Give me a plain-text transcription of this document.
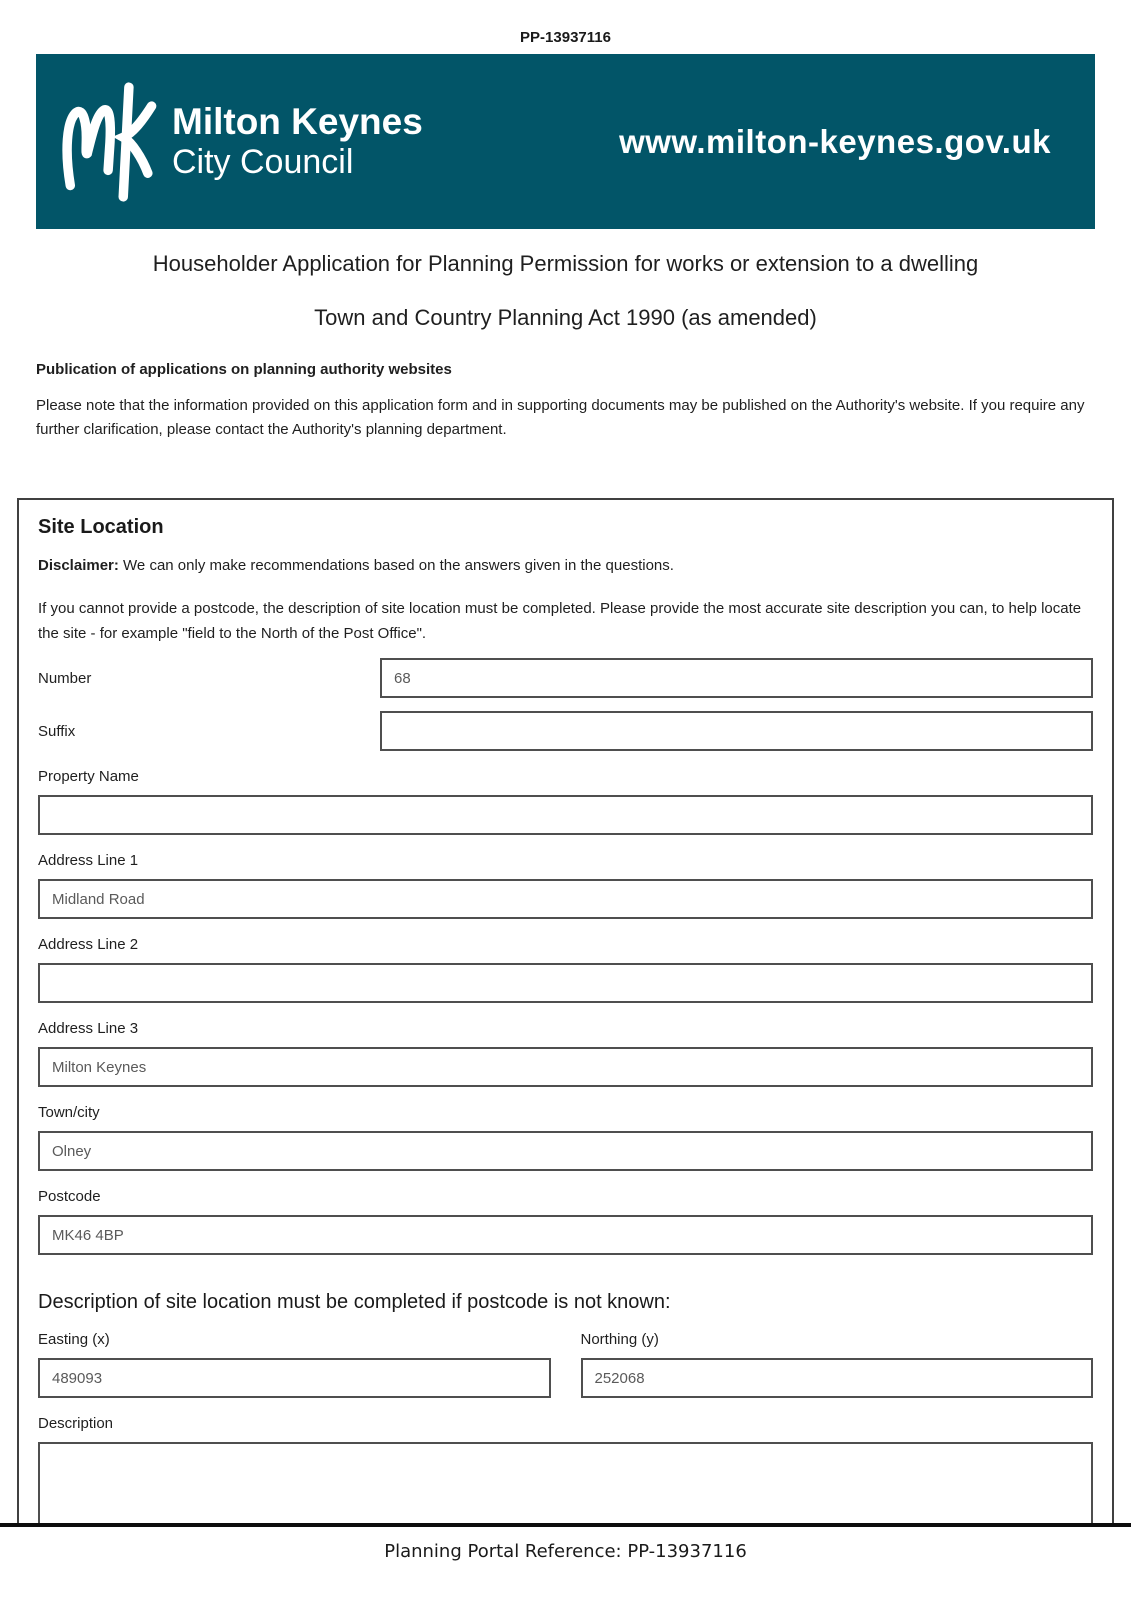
PP-13937116
Milton Keynes
City Council
www.milton-keynes.gov.uk
Householder Application for Planning Permission for works or extension to a dwelling
Town and Country Planning Act 1990 (as amended)

Publication of applications on planning authority websites

Please note that the information provided on this application form and in supporting documents may be published on the Authority's website. If you require any further clarification, please contact the Authority's planning department.

Site Location

Disclaimer: We can only make recommendations based on the answers given in the questions.

If you cannot provide a postcode, the description of site location must be completed. Please provide the most accurate site description you can, to help locate the site - for example "field to the North of the Post Office".

Number
68
Suffix
Property Name
Address Line 1
Midland Road
Address Line 2
Address Line 3
Milton Keynes
Town/city
Olney
Postcode
MK46 4BP
Description of site location must be completed if postcode is not known:
Easting (x)
489093	Northing (y)
252068
Description
Planning Portal Reference: PP-13937116
